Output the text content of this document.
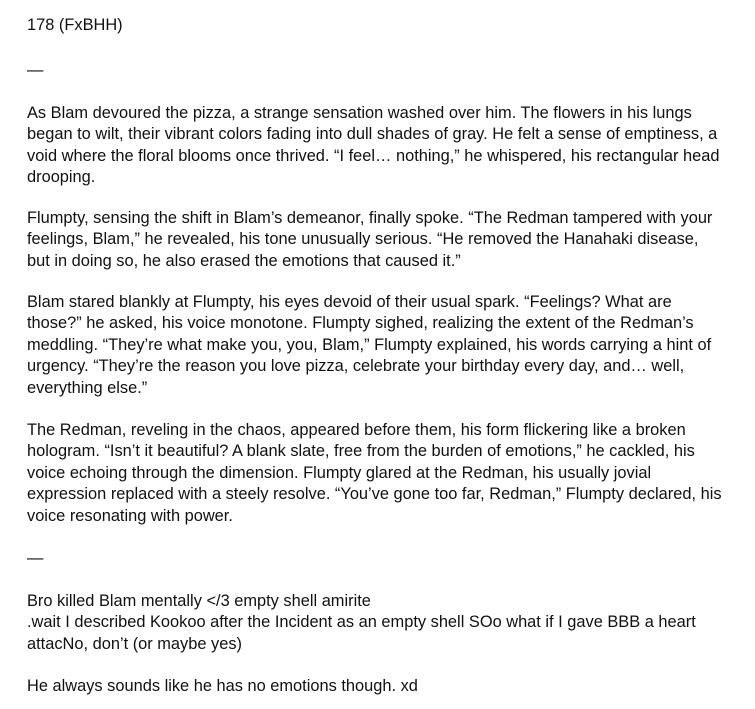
178 (FxBHH)
—
As Blam devoured the pizza, a strange sensation washed over him. The flowers in his lungs
began to wilt, their vibrant colors fading into dull shades of gray. He felt a sense of emptiness, a
void where the floral blooms once thrived. “I feel… nothing,” he whispered, his rectangular head
drooping.
Flumpty, sensing the shift in Blam’s demeanor, finally spoke. “The Redman tampered with your
feelings, Blam,” he revealed, his tone unusually serious. “He removed the Hanahaki disease,
but in doing so, he also erased the emotions that caused it.”
Blam stared blankly at Flumpty, his eyes devoid of their usual spark. “Feelings? What are
those?” he asked, his voice monotone. Flumpty sighed, realizing the extent of the Redman’s
meddling. “They’re what make you, you, Blam,” Flumpty explained, his words carrying a hint of
urgency. “They’re the reason you love pizza, celebrate your birthday every day, and… well,
everything else.”
The Redman, reveling in the chaos, appeared before them, his form flickering like a broken
hologram. “Isn’t it beautiful? A blank slate, free from the burden of emotions,” he cackled, his
voice echoing through the dimension. Flumpty glared at the Redman, his usually jovial
expression replaced with a steely resolve. “You’ve gone too far, Redman,” Flumpty declared, his
voice resonating with power.
—
Bro killed Blam mentally </3 empty shell amirite
.wait I described Kookoo after the Incident as an empty shell SOo what if I gave BBB a heart
attacNo, don’t (or maybe yes)
He always sounds like he has no emotions though. xd
